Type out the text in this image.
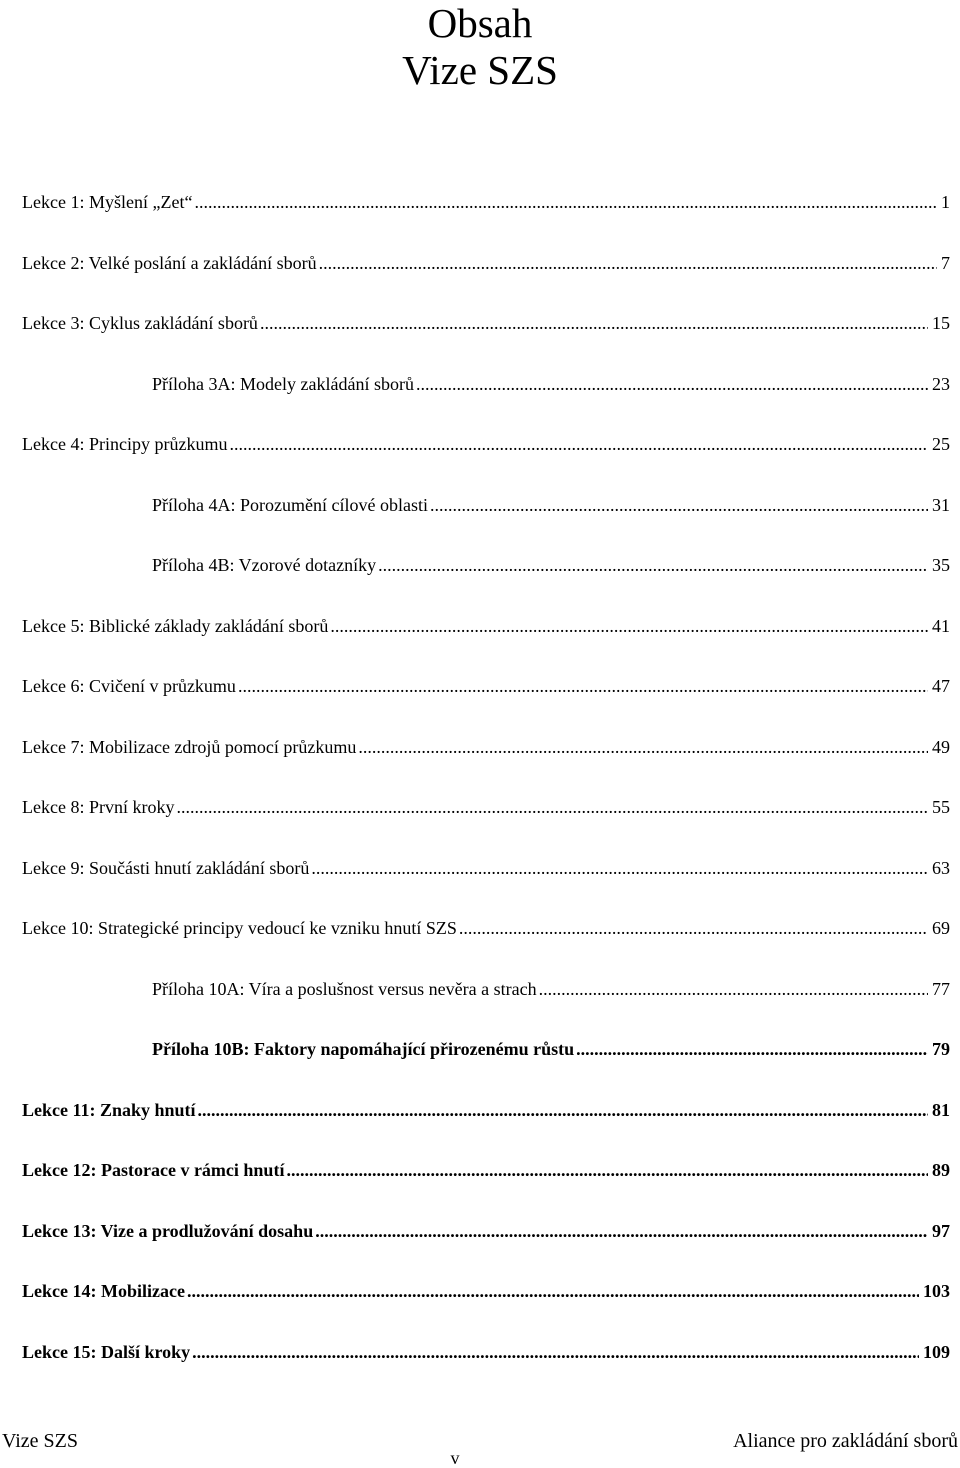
Obsah
Vize SZS
Lekce 1: Myšlení „Zet“ .....	1
Lekce 2: Velké poslání a zakládání sborů .....	7
Lekce 3: Cyklus zakládání sborů .....	15
Příloha 3A: Modely zakládání sborů .....	23
Lekce 4: Principy průzkumu .....	25
Příloha 4A: Porozumění cílové oblasti .....	31
Příloha 4B: Vzorové dotazníky .....	35
Lekce 5: Biblické základy zakládání sborů .....	41
Lekce 6: Cvičení v průzkumu .....	47
Lekce 7: Mobilizace zdrojů pomocí průzkumu .....	49
Lekce 8: První kroky .....	55
Lekce 9: Součásti hnutí zakládání sborů .....	63
Lekce 10: Strategické principy vedoucí ke vzniku hnutí SZS .....	69
Příloha 10A: Víra a poslušnost versus nevěra a strach .....	77
Příloha 10B: Faktory napomáhající přirozenému růstu .....	79
Lekce 11: Znaky hnutí .....	81
Lekce 12: Pastorace v rámci hnutí .....	89
Lekce 13: Vize a prodlužování dosahu .....	97
Lekce 14: Mobilizace .....	103
Lekce 15: Další kroky .....	109
Vize SZS	Aliance pro zakládání sborů
v
